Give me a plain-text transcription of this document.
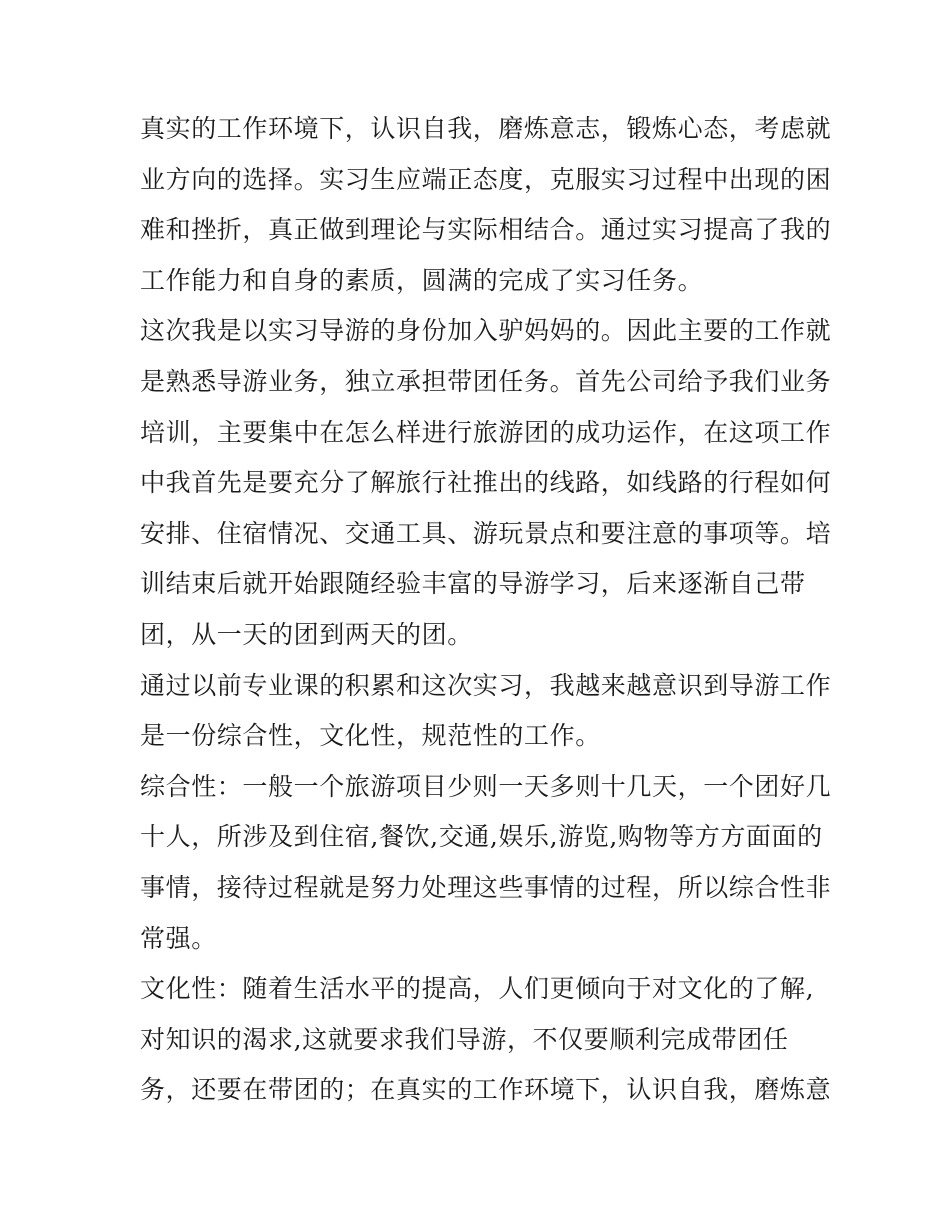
真实的工作环境下，认识自我，磨炼意志，锻炼心态，考虑就
业方向的选择。实习生应端正态度，克服实习过程中出现的困
难和挫折，真正做到理论与实际相结合。通过实习提高了我的
工作能力和自身的素质，圆满的完成了实习任务。
这次我是以实习导游的身份加入驴妈妈的。因此主要的工作就
是熟悉导游业务，独立承担带团任务。首先公司给予我们业务
培训，主要集中在怎么样进行旅游团的成功运作，在这项工作
中我首先是要充分了解旅行社推出的线路，如线路的行程如何
安排、住宿情况、交通工具、游玩景点和要注意的事项等。培
训结束后就开始跟随经验丰富的导游学习，后来逐渐自己带
团，从一天的团到两天的团。
通过以前专业课的积累和这次实习，我越来越意识到导游工作
是一份综合性，文化性，规范性的工作。
综合性：一般一个旅游项目少则一天多则十几天，一个团好几
十人，所涉及到住宿,餐饮,交通,娱乐,游览,购物等方方面面的
事情，接待过程就是努力处理这些事情的过程，所以综合性非
常强。
文化性：随着生活水平的提高，人们更倾向于对文化的了解,
对知识的渴求,这就要求我们导游，不仅要顺利完成带团任
务，还要在带团的；在真实的工作环境下，认识自我，磨炼意
